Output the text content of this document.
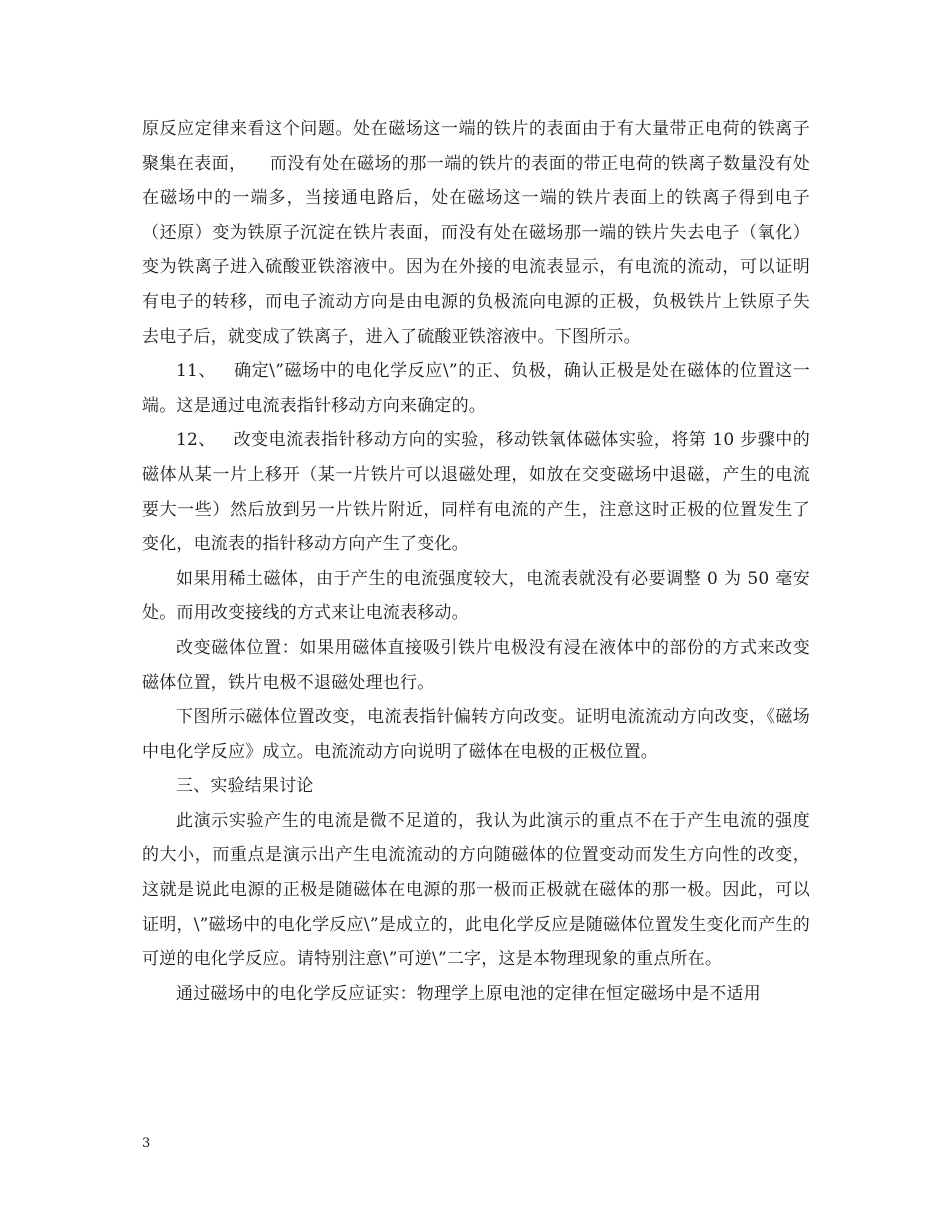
原反应定律来看这个问题。处在磁场这一端的铁片的表面由于有大量带正电荷的铁离子聚集在表面，    而没有处在磁场的那一端的铁片的表面的带正电荷的铁离子数量没有处在磁场中的一端多，当接通电路后，处在磁场这一端的铁片表面上的铁离子得到电子（还原）变为铁原子沉淀在铁片表面，而没有处在磁场那一端的铁片失去电子（氧化）变为铁离子进入硫酸亚铁溶液中。因为在外接的电流表显示，有电流的流动，可以证明有电子的转移，而电子流动方向是由电源的负极流向电源的正极，负极铁片上铁原子失去电子后，就变成了铁离子，进入了硫酸亚铁溶液中。下图所示。

11、   确定\”磁场中的电化学反应\”的正、负极，确认正极是处在磁体的位置这一端。这是通过电流表指针移动方向来确定的。

12、   改变电流表指针移动方向的实验，移动铁氧体磁体实验，将第 10 步骤中的磁体从某一片上移开（某一片铁片可以退磁处理，如放在交变磁场中退磁，产生的电流要大一些）然后放到另一片铁片附近，同样有电流的产生，注意这时正极的位置发生了变化，电流表的指针移动方向产生了变化。

如果用稀土磁体，由于产生的电流强度较大，电流表就没有必要调整 0 为 50 毫安处。而用改变接线的方式来让电流表移动。

改变磁体位置：如果用磁体直接吸引铁片电极没有浸在液体中的部份的方式来改变磁体位置，铁片电极不退磁处理也行。

下图所示磁体位置改变，电流表指针偏转方向改变。证明电流流动方向改变，《磁场中电化学反应》成立。电流流动方向说明了磁体在电极的正极位置。

三、实验结果讨论

此演示实验产生的电流是微不足道的，我认为此演示的重点不在于产生电流的强度的大小，而重点是演示出产生电流流动的方向随磁体的位置变动而发生方向性的改变，这就是说此电源的正极是随磁体在电源的那一极而正极就在磁体的那一极。因此，可以证明，\”磁场中的电化学反应\”是成立的，此电化学反应是随磁体位置发生变化而产生的可逆的电化学反应。请特别注意\”可逆\”二字，这是本物理现象的重点所在。

通过磁场中的电化学反应证实：物理学上原电池的定律在恒定磁场中是不适用

3
